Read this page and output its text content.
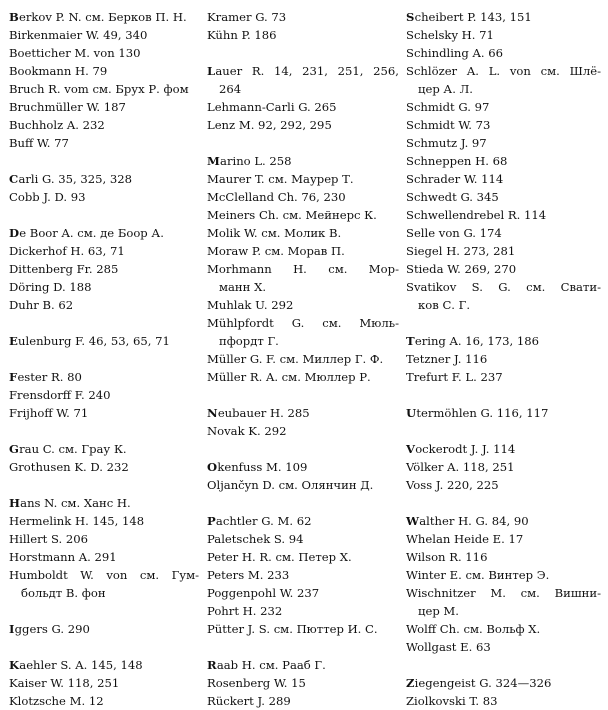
Berkov P. N. см. Берков П. Н.
Birkenmaier W. 49, 340
Boetticher M. von 130
Bookmann H. 79
Bruch R. vom см. Брух Р. фом
Bruchmüller W. 187
Buchholz A. 232
Buff W. 77
Carli G. 35, 325, 328
Cobb J. D. 93
De Boor A. см. де Боор А.
Dickerhof H. 63, 71
Dittenberg Fr. 285
Döring D. 188
Duhr B. 62
Eulenburg F. 46, 53, 65, 71
Fester R. 80
Frensdorff F. 240
Frijhoff W. 71
Grau C. см. Грау К.
Grothusen K. D. 232
Hans N. см. Ханс Н.
Hermelink H. 145, 148
Hillert S. 206
Horstmann A. 291
Humboldt W. von см. Гум-
больдт В. фон
Iggers G. 290
Kaehler S. A. 145, 148
Kaiser W. 118, 251
Klotzsche M. 12
Kramer G. 73
Kühn P. 186
Lauer R. 14, 231, 251, 256,
264
Lehmann-Carli G. 265
Lenz M. 92, 292, 295
Marino L. 258
Maurer T. см. Маурер Т.
McClelland Ch. 76, 230
Meiners Ch. см. Мейнерс К.
Molik W. см. Молик В.
Moraw P. см. Морав П.
Morhmann H. см. Мор-
манн Х.
Muhlak U. 292
Mühlpfordt G. см. Мюль-
пфордт Г.
Müller G. F. см. Миллер Г. Ф.
Müller R. A. см. Мюллер Р.
Neubauer H. 285
Novak K. 292
Okenfuss M. 109
Oljančyn D. см. Олянчин Д.
Pachtler G. M. 62
Paletschek S. 94
Peter H. R. см. Петер Х.
Peters M. 233
Poggenpohl W. 237
Pohrt H. 232
Pütter J. S. см. Пюттер И. С.
Raab H. см. Рааб Г.
Rosenberg W. 15
Rückert J. 289
Scheibert P. 143, 151
Schelsky H. 71
Schindling A. 66
Schlözer A. L. von см. Шлё-
цер А. Л.
Schmidt G. 97
Schmidt W. 73
Schmutz J. 97
Schneppen H. 68
Schrader W. 114
Schwedt G. 345
Schwellendrebel R. 114
Selle von G. 174
Siegel H. 273, 281
Stieda W. 269, 270
Svatikov S. G. см. Свати-
ков С. Г.
Tering A. 16, 173, 186
Tetzner J. 116
Trefurt F. L. 237
Utermöhlen G. 116, 117
Vockerodt J. J. 114
Völker A. 118, 251
Voss J. 220, 225
Walther H. G. 84, 90
Whelan Heide E. 17
Wilson R. 116
Winter E. см. Винтер Э.
Wischnitzer M. см. Вишни-
цер М.
Wolff Ch. см. Вольф Х.
Wollgast E. 63
Ziegengeist G. 324—326
Ziolkovski T. 83
